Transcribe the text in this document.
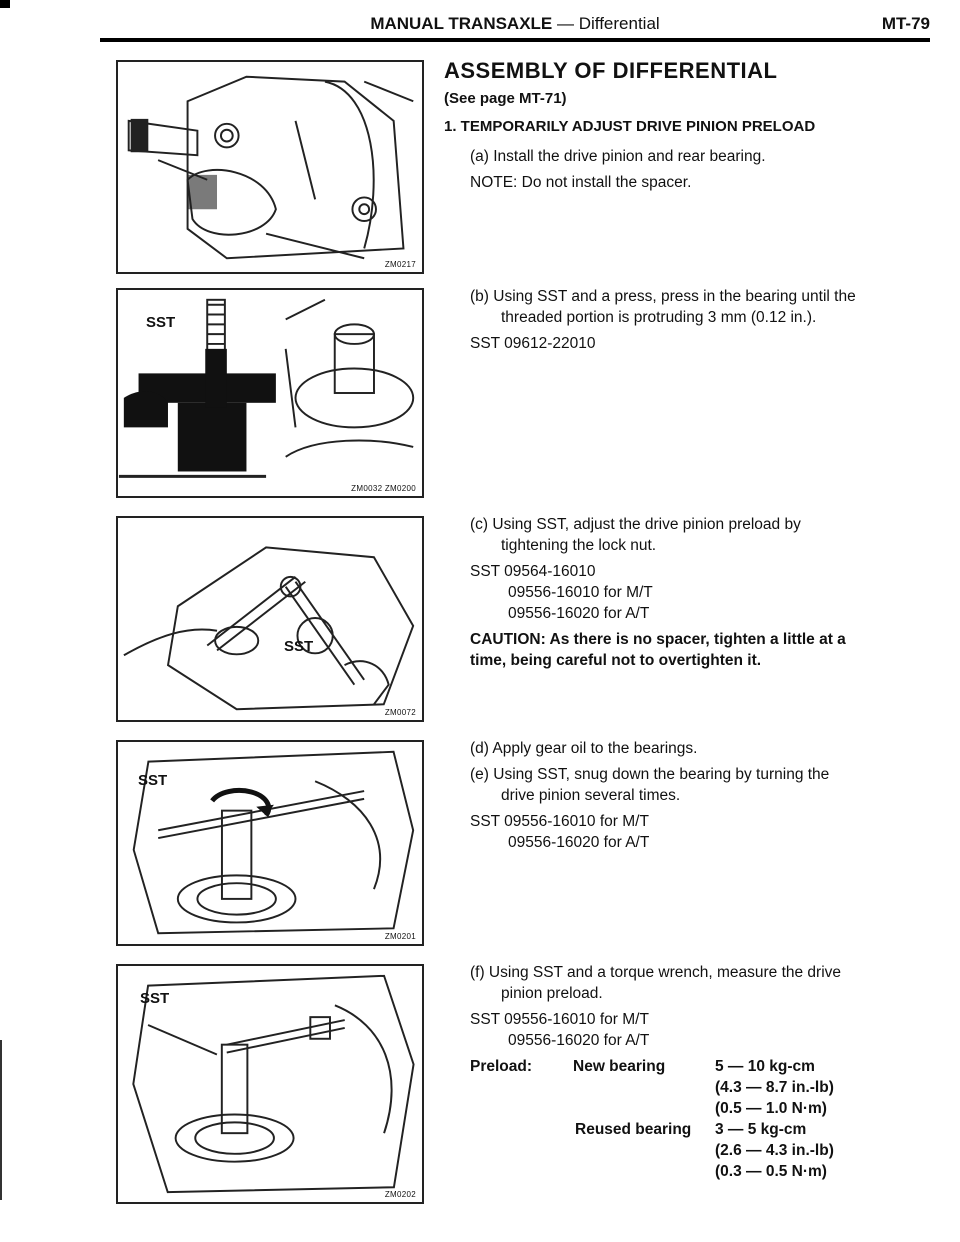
MANUAL TRANSAXLE — Differential	MT-79
ZM0217
SST
ZM0032 ZM0200
SST
ZM0072
SST
ZM0201
SST
ZM0202
ASSEMBLY OF DIFFERENTIAL
(See page MT-71)
1. TEMPORARILY ADJUST DRIVE PINION PRELOAD
(a) Install the drive pinion and rear bearing.
NOTE: Do not install the spacer.
(b) Using SST and a press, press in the bearing until the
threaded portion is protruding 3 mm (0.12 in.).
SST 09612-22010
(c) Using SST, adjust the drive pinion preload by
tightening the lock nut.
SST 09564-16010
09556-16010 for M/T
09556-16020 for A/T
CAUTION: As there is no spacer, tighten a little at a
time, being careful not to overtighten it.
(d) Apply gear oil to the bearings.
(e) Using SST, snug down the bearing by turning the
drive pinion several times.
SST 09556-16010 for M/T
09556-16020 for A/T
(f) Using SST and a torque wrench, measure the drive
pinion preload.
SST 09556-16010 for M/T
09556-16020 for A/T
Preload:	New bearing	5 — 10 kg-cm
(4.3 — 8.7 in.-lb)
(0.5 — 1.0 N·m)
Reused bearing 3 — 5 kg-cm
(2.6 — 4.3 in.-lb)
(0.3 — 0.5 N·m)
